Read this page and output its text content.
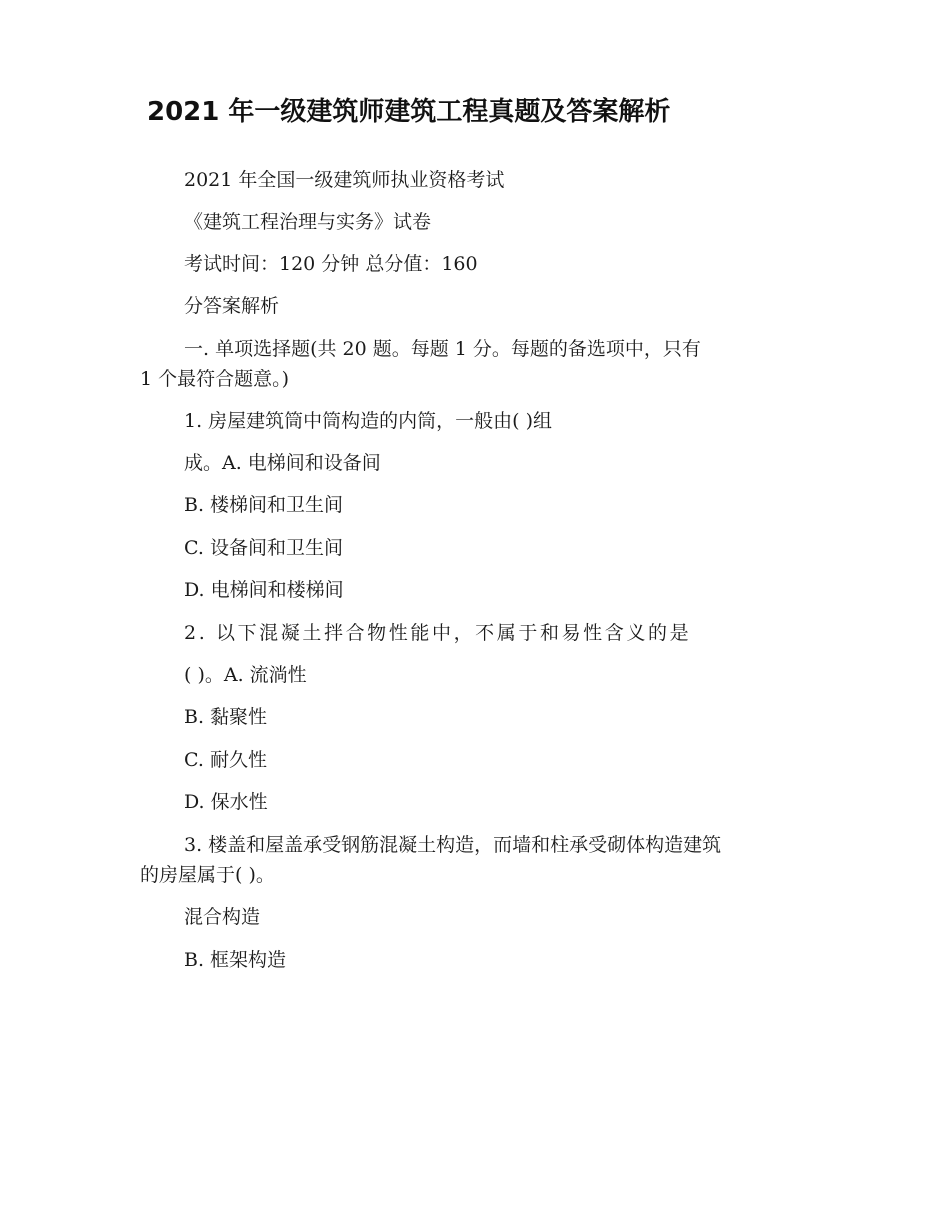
2021 年一级建筑师建筑工程真题及答案解析
2021 年全国一级建筑师执业资格考试
《建筑工程治理与实务》试卷
考试时间：120 分钟 总分值：160
分答案解析
一. 单项选择题(共 20 题。每题 1 分。每题的备选项中，只有
1 个最符合题意。)
1. 房屋建筑筒中筒构造的内筒，一般由( )组
成。A. 电梯间和设备间
B. 楼梯间和卫生间
C. 设备间和卫生间
D. 电梯间和楼梯间
2. 以下混凝土拌合物性能中，不属于和易性含义的是
( )。A. 流淌性
B. 黏聚性
C. 耐久性
D. 保水性
3. 楼盖和屋盖承受钢筋混凝土构造，而墙和柱承受砌体构造建筑
的房屋属于( )。
混合构造
B. 框架构造
